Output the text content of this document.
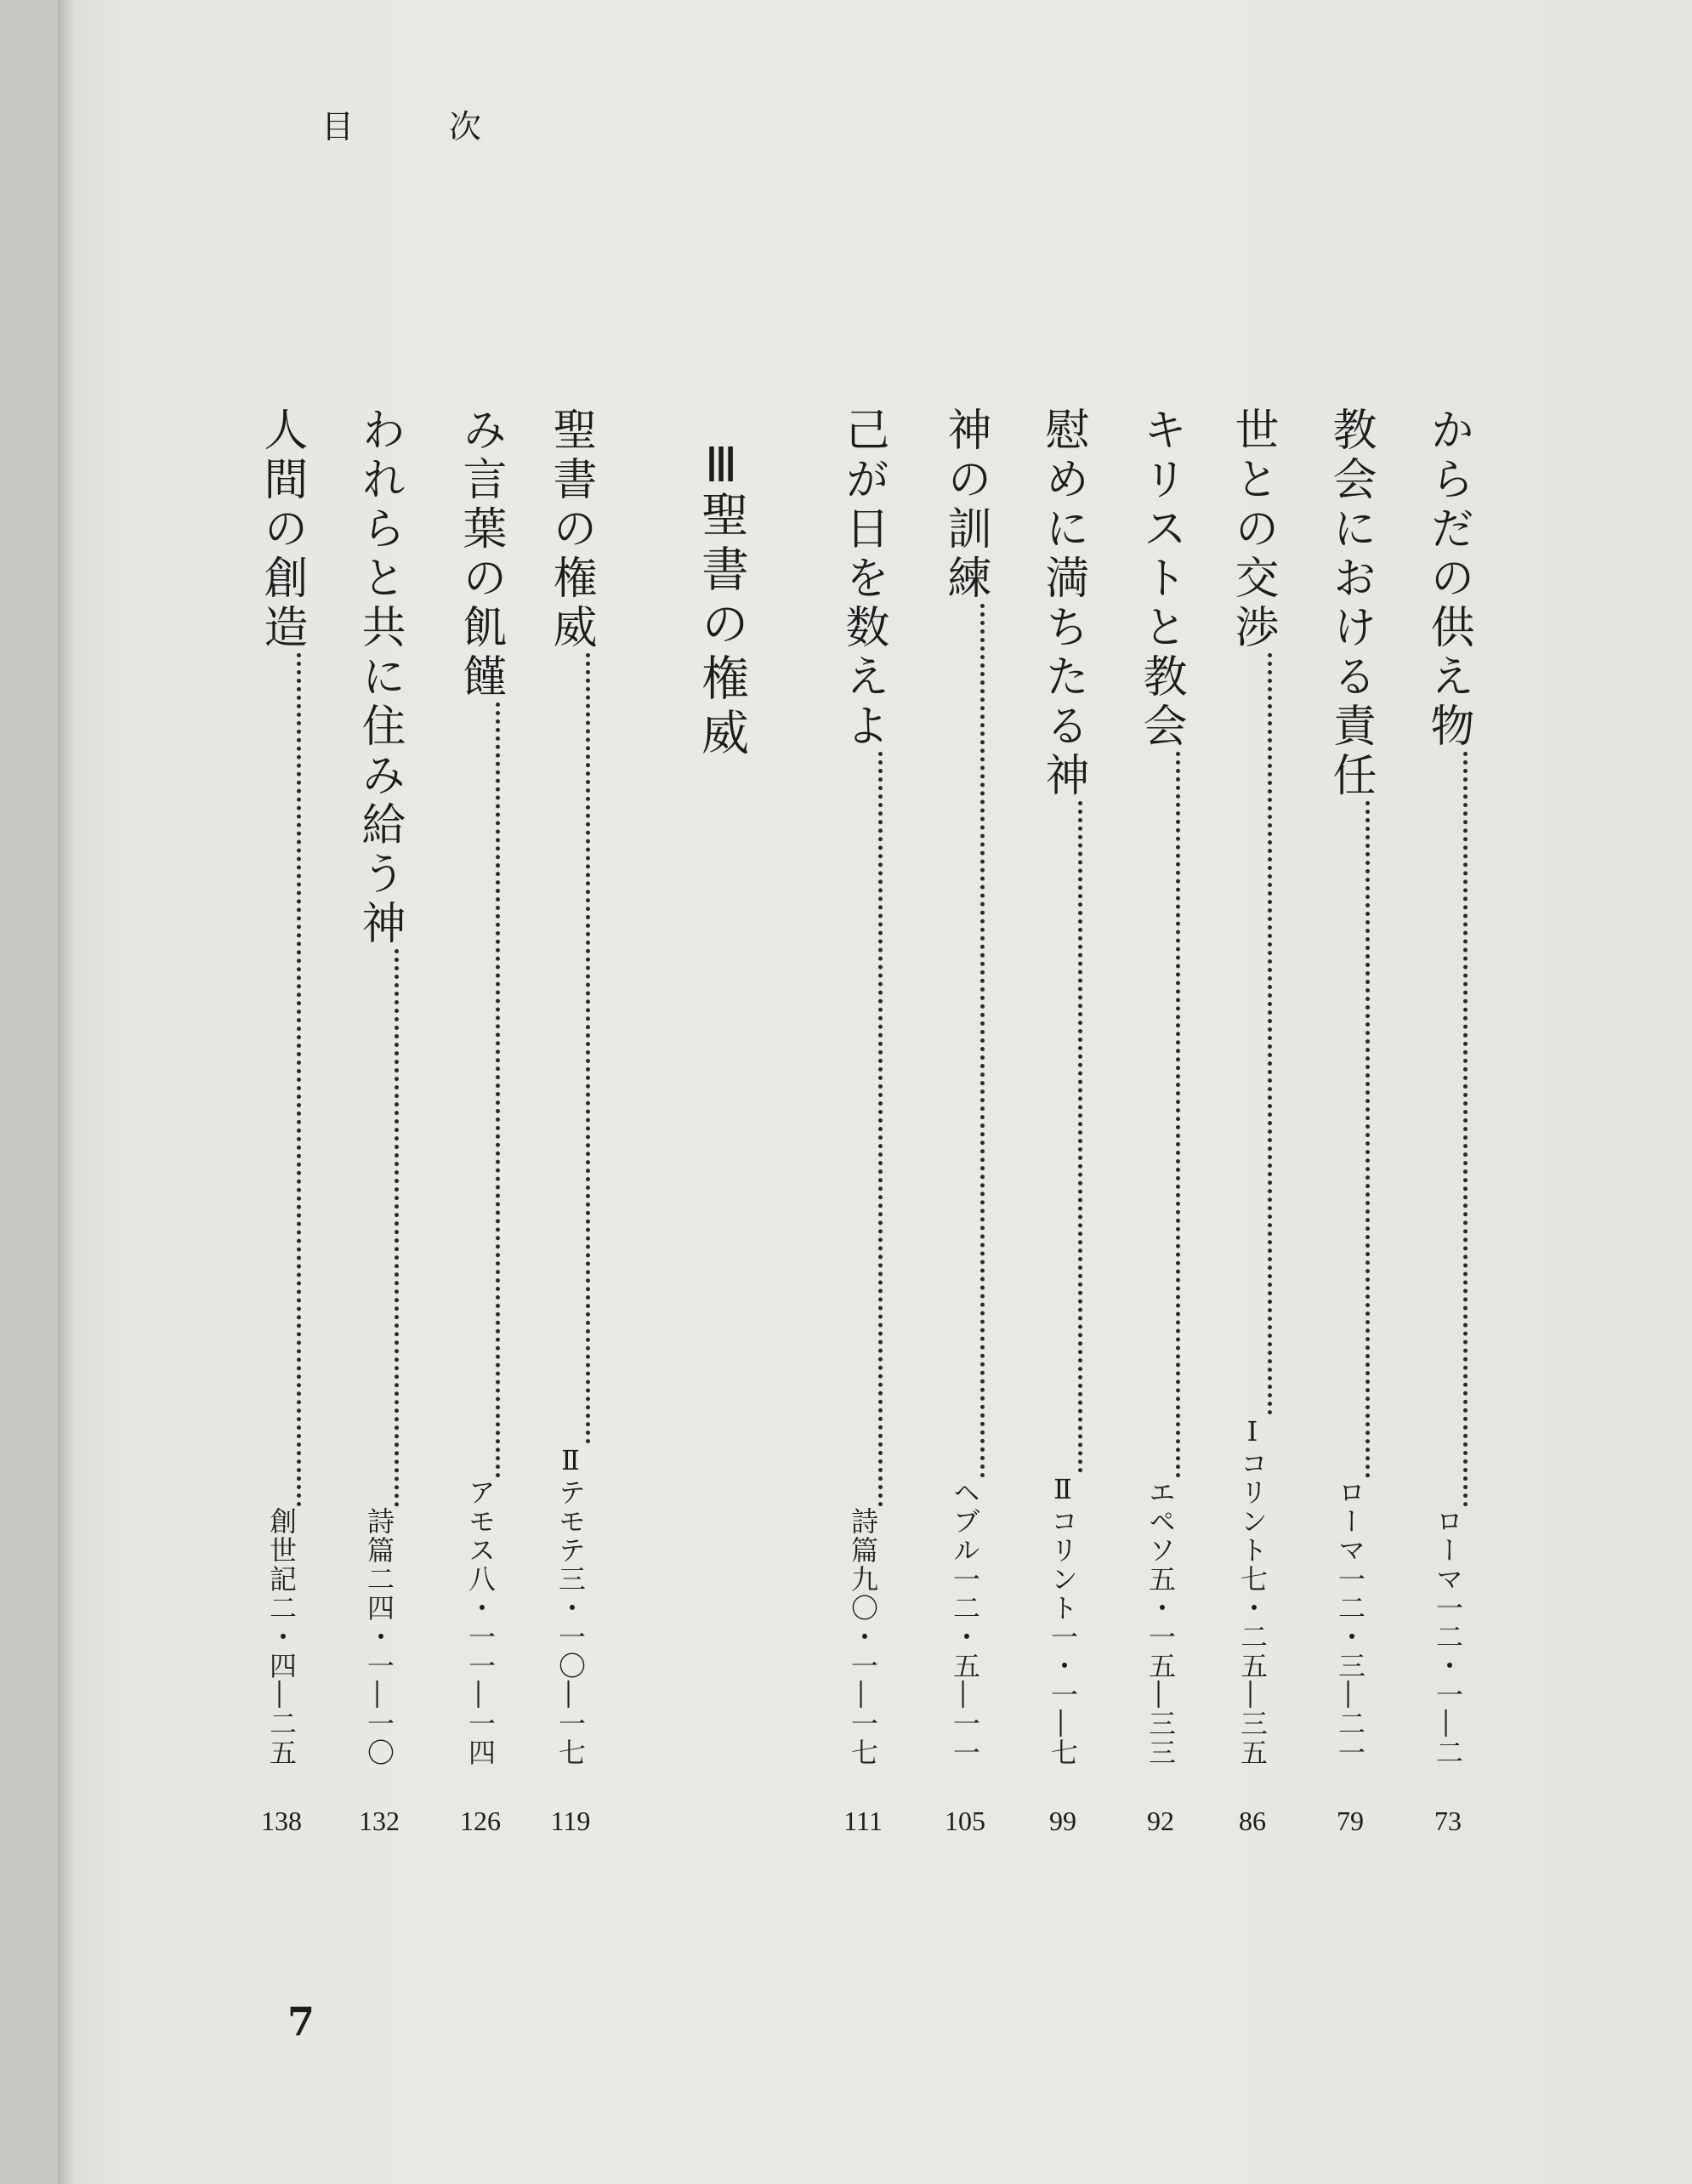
目	次
からだの供え物
ローマ一二・一―二
73
教会における責任
ローマ一二・三―二一
79
世との交渉
Ⅰコリント七・二五―三五
86
キリストと教会
エペソ五・一五―三三
92
慰めに満ちたる神
Ⅱコリント一・一―七
99
神の訓練
ヘブル一二・五―一一
105
己が日を数えよ
詩篇九〇・一―一七
111
Ⅲ聖書の権威
聖書の権威
Ⅱテモテ三・一〇―一七
119
み言葉の飢饉
アモス八・一一―一四
126
われらと共に住み給う神
詩篇二四・一―一〇
132
人間の創造
創世記二・四―二五
138
7
